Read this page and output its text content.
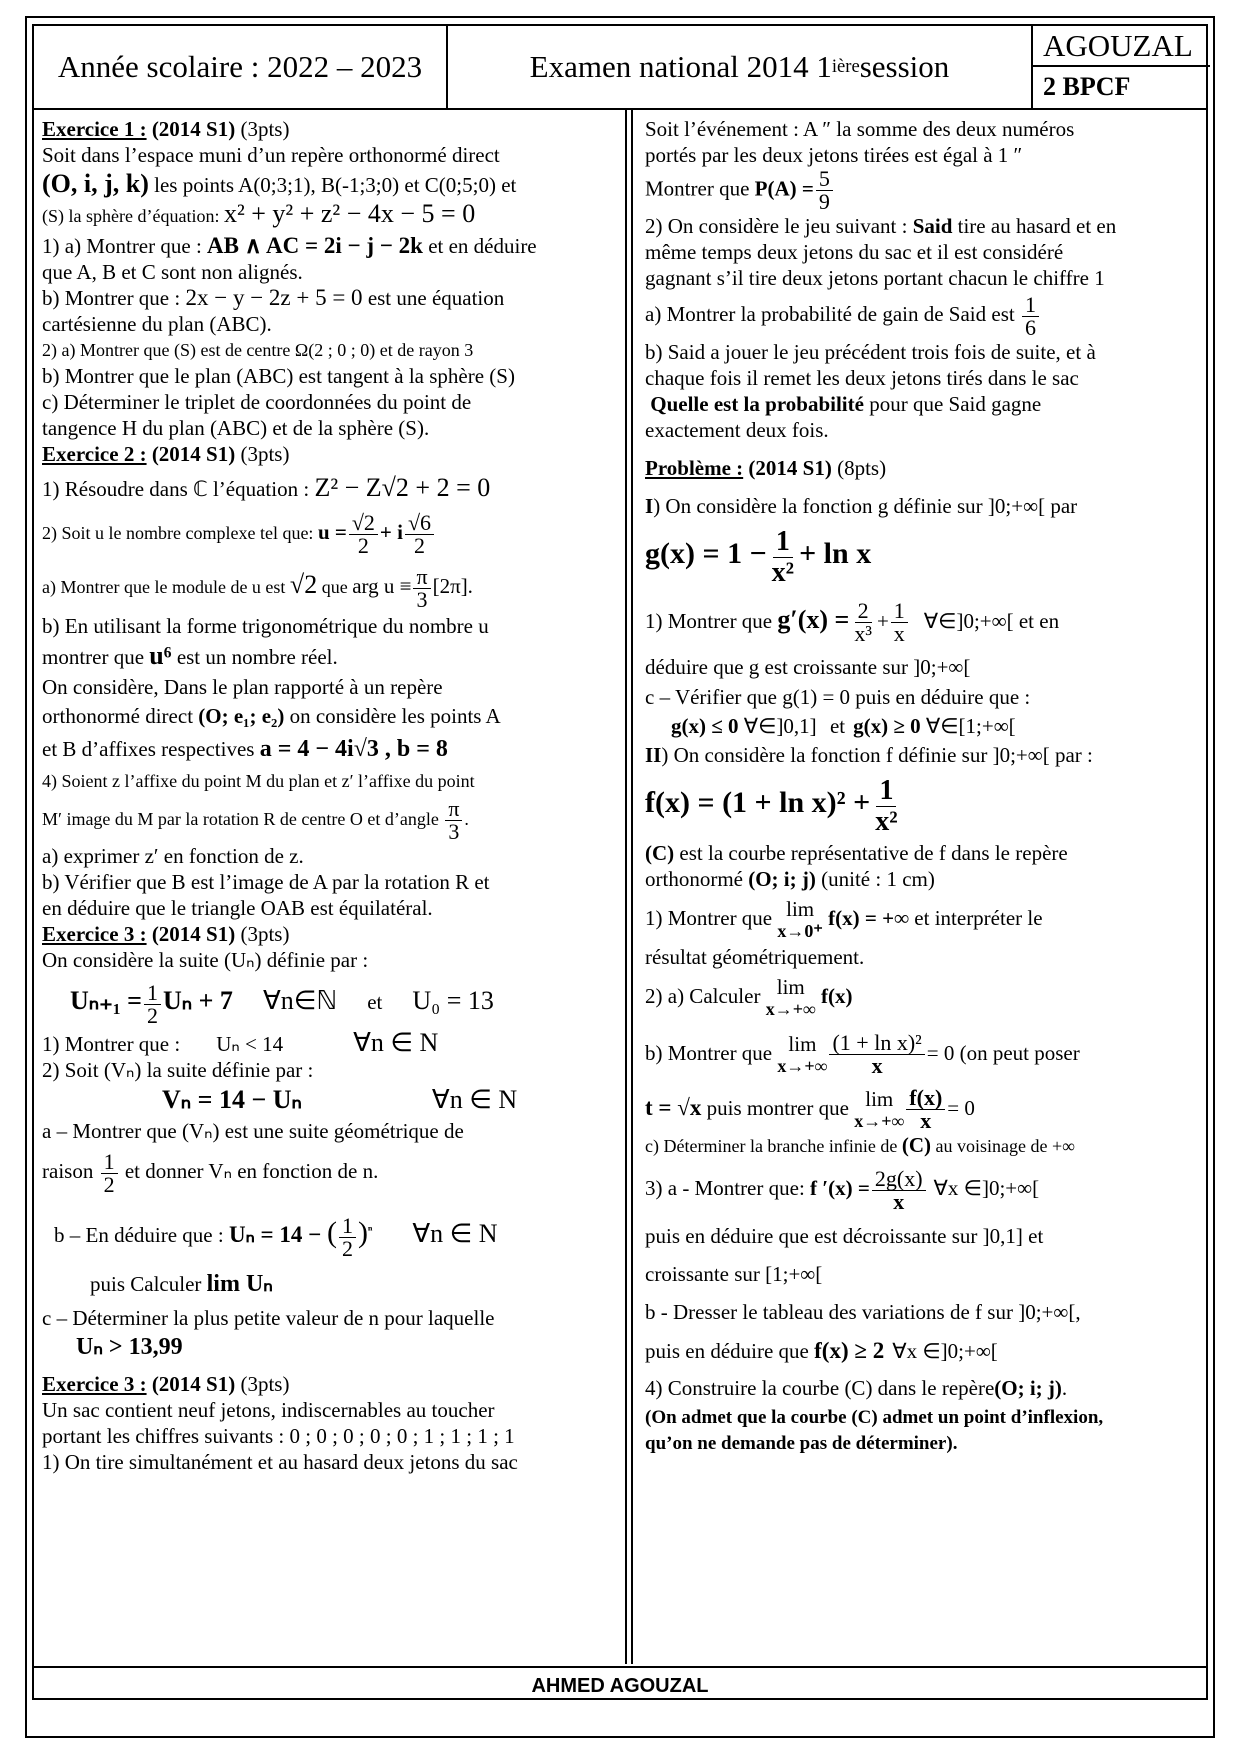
Année scolaire : 2022 – 2023	Examen national 2014 1 ière session
AGOUZAL
2 BPCF

Exercice 1 : (2014 S1) (3pts)

Soit dans l’espace muni d’un repère orthonormé direct

(O, i, j, k) les points A(0;3;1), B(-1;3;0) et C(0;5;0) et

(S) la sphère d’équation: x² + y² + z² − 4x − 5 = 0

1) a) Montrer que : AB ∧ AC = 2i − j − 2k et en déduire

que A, B et C sont non alignés.

b) Montrer que : 2x − y − 2z + 5 = 0 est une équation

cartésienne du plan (ABC).

2) a) Montrer que (S) est de centre Ω(2 ; 0 ; 0) et de rayon 3

b) Montrer que le plan (ABC) est tangent à la sphère (S)

c) Déterminer le triplet de coordonnées du point de

tangence H du plan (ABC) et de la sphère (S).

Exercice 2 : (2014 S1) (3pts)

1) Résoudre dans ℂ l’équation : Z² − Z√2 + 2 = 0

2) Soit u le nombre complexe tel que: $u = \frac{√2}{2} + i \frac{√6}{2}$

a) Montrer que le module de u est √2 que arg $u \equiv \frac{\pi}{3} [2\pi]$.

b) En utilisant la forme trigonométrique du nombre u

montrer que u⁶ est un nombre réel.

On considère, Dans le plan rapporté à un repère

orthonormé direct (O; e₁; e₂) on considère les points A

et B d’affixes respectives a = 4 − 4i√3 , b = 8

4) Soient z l’affixe du point M du plan et z′ l’affixe du point

M′ image du M par la rotation R de centre O et d’angle $\frac{\pi}{3}$ .

a) exprimer z′ en fonction de z.

b) Vérifier que B est l’image de A par la rotation R et

en déduire que le triangle OAB est équilatéral.

Exercice 3 : (2014 S1) (3pts)

On considère la suite (Uₙ) définie par :

$U_{n+1} = \frac{1}{2}$ Uₙ + 7 ∀n∈ℕ et U₀ = 13

1) Montrer que : Uₙ < 14	∀n ∈ N

2) Soit (Vₙ) la suite définie par :

Vₙ = 14 − Uₙ	∀n ∈ N

a – Montrer que (Vₙ) est une suite géométrique de

raison $\frac{1}{2}$ et donner Vₙ en fonction de n.

b – En déduire que : Uₙ = 14 − ( $\frac{1}{2} )^{^n}$ ∀n ∈ N

puis Calculer lim Uₙ

c – Déterminer la plus petite valeur de n pour laquelle

Uₙ > 13,99

Exercice 3 : (2014 S1) (3pts)

Un sac contient neuf jetons, indiscernables au toucher

portant les chiffres suivants : 0 ; 0 ; 0 ; 0 ; 0 ; 1 ; 1 ; 1 ; 1

1) On tire simultanément et au hasard deux jetons du sac

Soit l’événement : A ″ la somme des deux numéros

portés par les deux jetons tirées est égal à 1 ″

Montrer que $P(A) = \frac{5}{9}$

2) On considère le jeu suivant : Said tire au hasard et en

même temps deux jetons du sac et il est considéré

gagnant s’il tire deux jetons portant chacun le chiffre 1

a) Montrer la probabilité de gain de Said est $\frac{1}{6}$

b) Said a jouer le jeu précédent trois fois de suite, et à

chaque fois il remet les deux jetons tirés dans le sac

Quelle est la probabilité pour que Said gagne

exactement deux fois.

Problème : (2014 S1) (8pts)

I) On considère la fonction g définie sur ]0;+∞[ par

$g(x) = 1 - \frac{1}{\text{x²}} + \ln x$

1) Montrer que $g'(x) = \frac{2}{\text{x³}} + \frac{1}{x}$ ∀∈]0;+∞[ et en

déduire que g est croissante sur ]0;+∞[

c – Vérifier que g(1) = 0 puis en déduire que :

g(x) ≤ 0 ∀∈]0,1] et g(x) ≥ 0 ∀∈[1;+∞[

II) On considère la fonction f définie sur ]0;+∞[ par :

$f(x) = (1 + \ln x)^2 + \frac{1}{\text{x²}}$

(C) est la courbe représentative de f dans le repère

orthonormé (O; i; j) (unité : 1 cm)

1) Montrer que lim
x→0⁺
f(x) = +∞ et interpréter le

résultat géométriquement.

2) a) Calculer lim
x→+∞
f(x)

b) Montrer que lim
$x\to+\infty \frac{\text{(1 + ln x)²}}{x} = 0$ (on peut poser

t = √x puis montrer que lim
$x\to+\infty \frac{f(x)}{x} = 0$

c) Déterminer la branche infinie de (C) au voisinage de +∞

3) a - Montrer que: f $'(x) = \frac{2g(x)}{x}$ ∀x ∈]0;+∞[

puis en déduire que est décroissante sur ]0,1] et

croissante sur [1;+∞[

b - Dresser le tableau des variations de f sur ]0;+∞[,

puis en déduire que f(x) ≥ 2 ∀x ∈]0;+∞[

4) Construire la courbe (C) dans le repère(O; i; j).

(On admet que la courbe (C) admet un point d’inflexion,

qu’on ne demande pas de déterminer).

AHMED AGOUZAL
